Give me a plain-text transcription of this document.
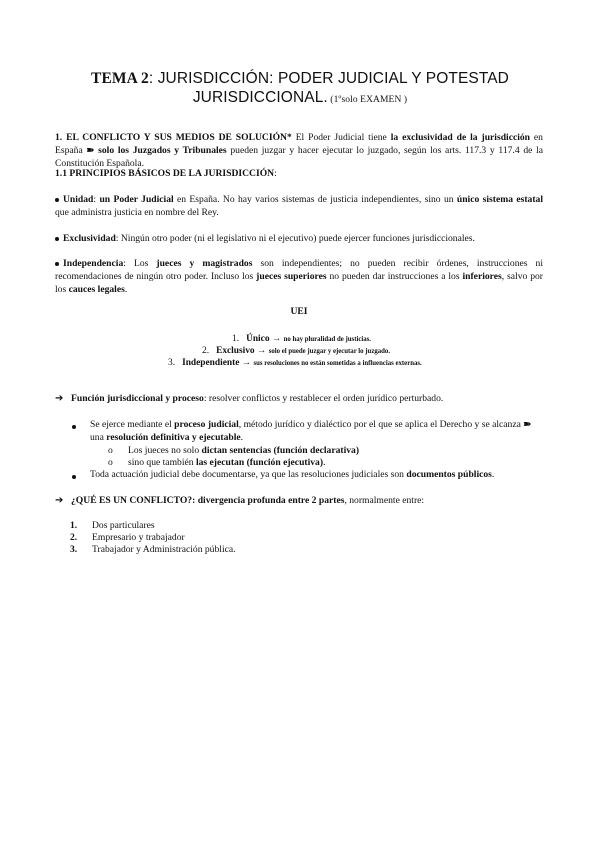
TEMA 2: JURISDICCIÓN: PODER JUDICIAL Y POTESTAD JURISDICCIONAL. (1ºsolo EXAMEN )
1. EL CONFLICTO Y SUS MEDIOS DE SOLUCIÓN* El Poder Judicial tiene la exclusividad de la jurisdicción en España ➽ solo los Juzgados y Tribunales pueden juzgar y hacer ejecutar lo juzgado, según los arts. 117.3 y 117.4 de la Constitución Española.
1.1 PRINCIPIOS BÁSICOS DE LA JURISDICCIÓN:
Unidad: un Poder Judicial en España. No hay varios sistemas de justicia independientes, sino un único sistema estatal que administra justicia en nombre del Rey.
Exclusividad: Ningún otro poder (ni el legislativo ni el ejecutivo) puede ejercer funciones jurisdiccionales.
Independencia: Los jueces y magistrados son independientes; no pueden recibir órdenes, instrucciones ni recomendaciones de ningún otro poder. Incluso los jueces superiores no pueden dar instrucciones a los inferiores, salvo por los cauces legales.
UEI
1. Único → no hay pluralidad de justicias.
2. Exclusivo → solo el puede juzgar y ejecutar lo juzgado.
3. Independiente → sus resoluciones no están sometidas a influencias externas.
➔ Función jurisdiccional y proceso: resolver conflictos y restablecer el orden jurídico perturbado.
Se ejerce mediante el proceso judicial, método jurídico y dialéctico por el que se aplica el Derecho y se alcanza ➽ una resolución definitiva y ejecutable.
o Los jueces no solo dictan sentencias (función declarativa)
o sino que también las ejecutan (función ejecutiva).
Toda actuación judicial debe documentarse, ya que las resoluciones judiciales son documentos públicos.
➔ ¿QUÉ ES UN CONFLICTO?: divergencia profunda entre 2 partes, normalmente entre:
1. Dos particulares
2. Empresario y trabajador
3. Trabajador y Administración pública.
